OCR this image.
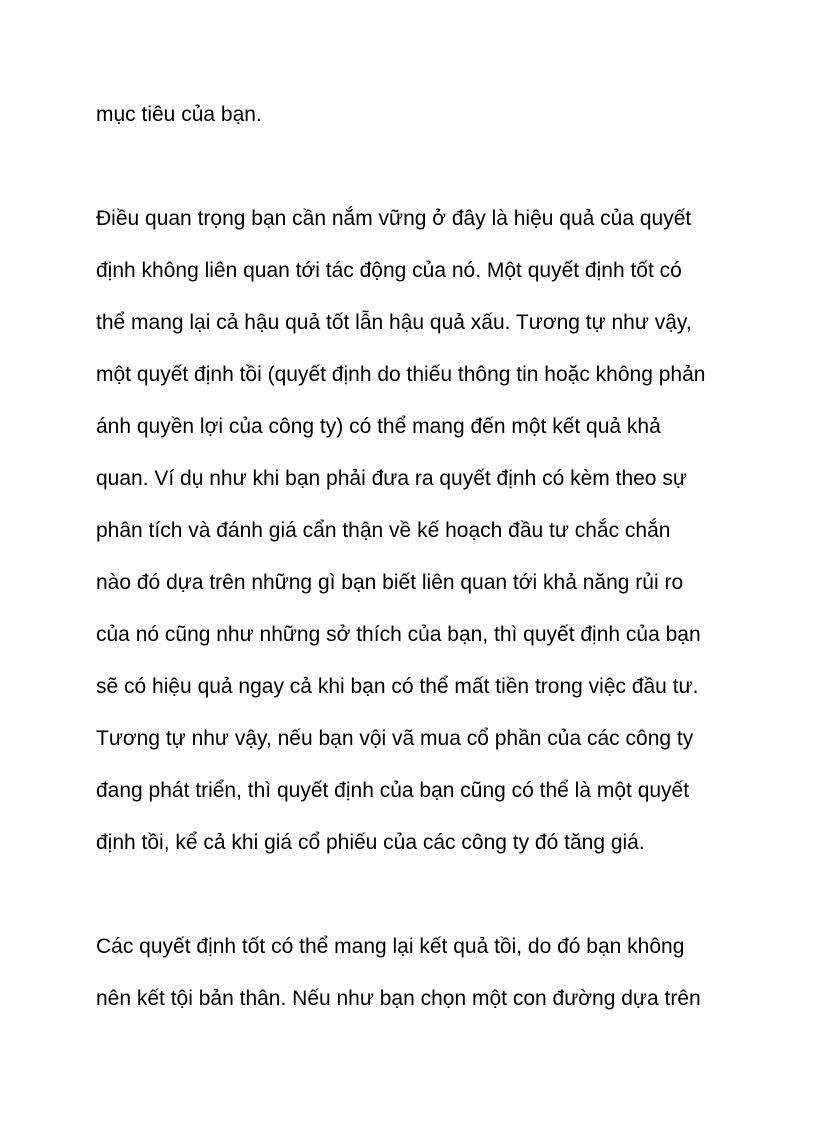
mục tiêu của bạn.

Điều quan trọng bạn cần nắm vững ở đây là hiệu quả của quyết

định không liên quan tới tác động của nó. Một quyết định tốt có

thể mang lại cả hậu quả tốt lẫn hậu quả xấu. Tương tự như vậy,

một quyết định tồi (quyết định do thiếu thông tin hoặc không phản

ánh quyền lợi của công ty) có thể mang đến một kết quả khả

quan. Ví dụ như khi bạn phải đưa ra quyết định có kèm theo sự

phân tích và đánh giá cẩn thận về kế hoạch đầu tư chắc chắn

nào đó dựa trên những gì bạn biết liên quan tới khả năng rủi ro

của nó cũng như những sở thích của bạn, thì quyết định của bạn

sẽ có hiệu quả ngay cả khi bạn có thể mất tiền trong việc đầu tư.

Tương tự như vậy, nếu bạn vội vã mua cổ phần của các công ty

đang phát triển, thì quyết định của bạn cũng có thể là một quyết

định tồi, kể cả khi giá cổ phiếu của các công ty đó tăng giá.

Các quyết định tốt có thể mang lại kết quả tồi, do đó bạn không

nên kết tội bản thân. Nếu như bạn chọn một con đường dựa trên
